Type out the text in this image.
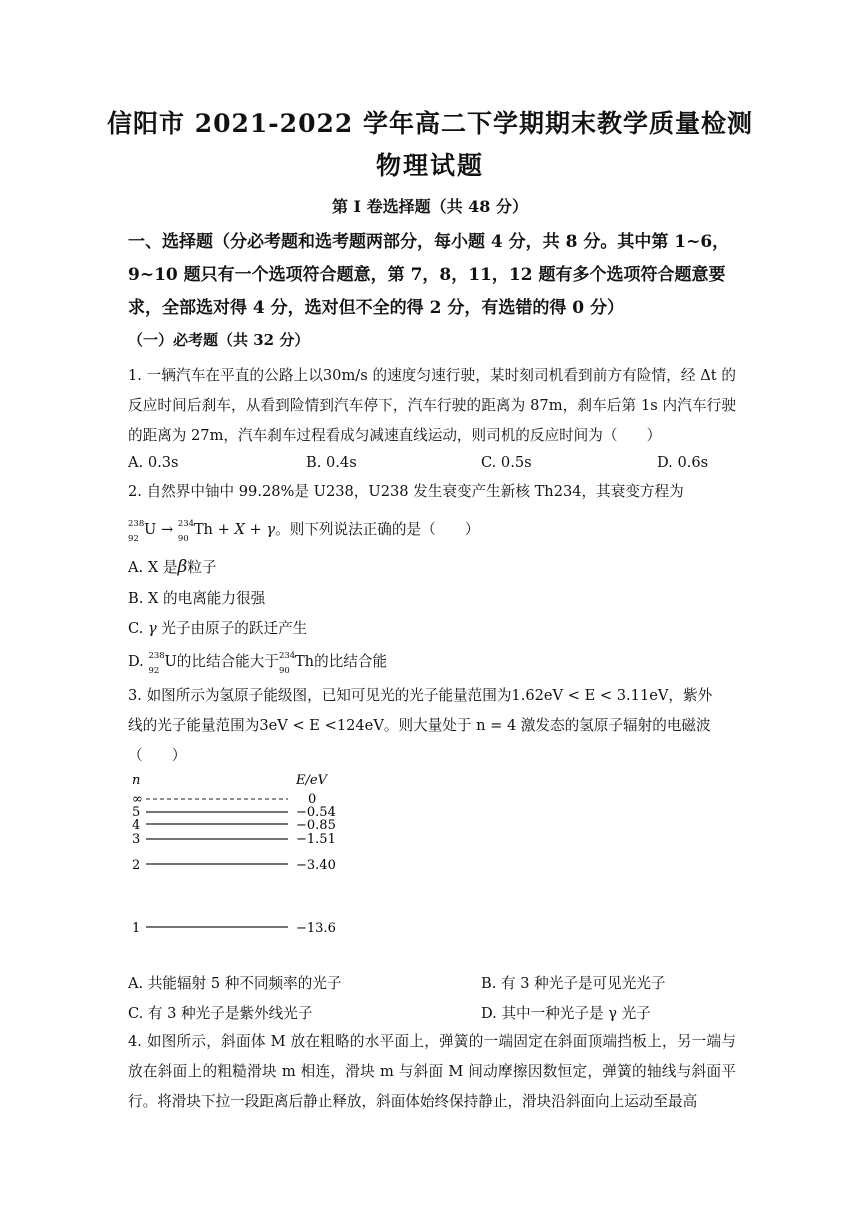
信阳市 2021-2022 学年高二下学期期末教学质量检测
物理试题
第 I 卷选择题（共 48 分）
一、选择题（分必考题和选考题两部分，每小题 4 分，共 8 分。其中第 1~6，9~10 题只有一个选项符合题意，第 7，8，11，12 题有多个选项符合题意要求，全部选对得 4 分，选对但不全的得 2 分，有选错的得 0 分）
（一）必考题（共 32 分）
1. 一辆汽车在平直的公路上以30m/s 的速度匀速行驶，某时刻司机看到前方有险情，经 Δt 的反应时间后刹车，从看到险情到汽车停下，汽车行驶的距离为 87m，刹车后第 1s 内汽车行驶的距离为 27m，汽车刹车过程看成匀减速直线运动，则司机的反应时间为（　　）
A. 0.3s	B. 0.4s	C. 0.5s	D. 0.6s
2. 自然界中铀中 99.28%是 U238，U238 发生衰变产生新核 Th234，其衰变方程为
238
92
U → 234
90
Th + X + γ。则下列说法正确的是（　　）
A. X 是β粒子
B. X 的电离能力很强
C. γ 光子由原子的跃迁产生
D. 238
92
U的比结合能大于 234
90
Th的比结合能
3. 如图所示为氢原子能级图，已知可见光的光子能量范围为1.62eV < E < 3.11eV，紫外
线的光子能量范围为3eV < E <124eV。则大量处于 n = 4 激发态的氢原子辐射的电磁波
（　　）
n	E/eV
∞
5
4
3
2
1
0
−0.54
−0.85
−1.51
−3.40
−13.6
A. 共能辐射 5 种不同频率的光子	B. 有 3 种光子是可见光光子
C. 有 3 种光子是紫外线光子	D. 其中一种光子是 γ 光子
4. 如图所示，斜面体 M 放在粗略的水平面上，弹簧的一端固定在斜面顶端挡板上，另一端与放在斜面上的粗糙滑块 m 相连，滑块 m 与斜面 M 间动摩擦因数恒定，弹簧的轴线与斜面平行。将滑块下拉一段距离后静止释放，斜面体始终保持静止，滑块沿斜面向上运动至最高
